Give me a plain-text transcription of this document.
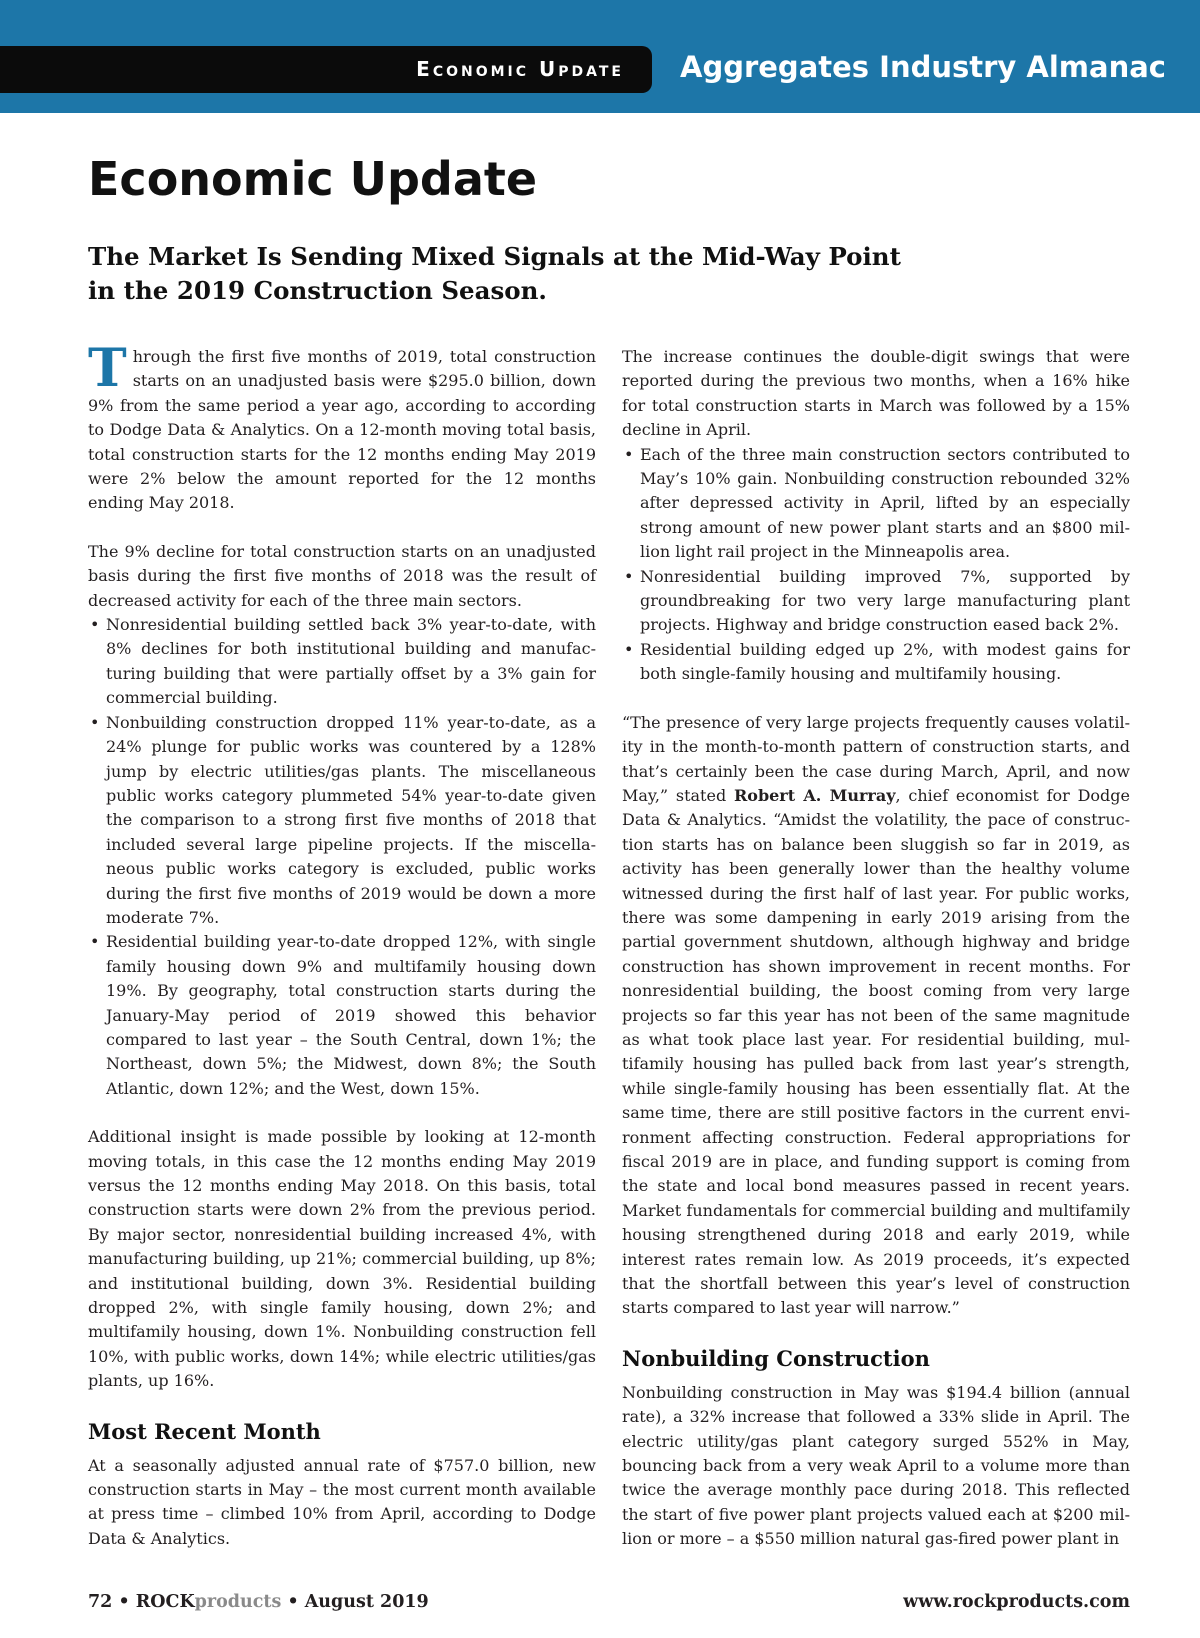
Economic Update Aggregates Industry Almanac
Economic Update
The Market Is Sending Mixed Signals at the Mid-Way Point in the 2019 Construction Season.

Through the first five months of 2019, total construction starts on an unadjusted basis were $295.0 billion, down 9% from the same period a year ago, according to according to Dodge Data & Analytics. On a 12-month moving total basis, total construction starts for the 12 months ending May 2019 were 2% below the amount reported for the 12 months ending May 2018.

The 9% decline for total construction starts on an unadjusted basis during the first five months of 2018 was the result of decreased activity for each of the three main sectors.

• Nonresidential building settled back 3% year-to-date, with 8% declines for both institutional building and manufacturing building that were partially offset by a 3% gain for commercial building.
• Nonbuilding construction dropped 11% year-to-date, as a 24% plunge for public works was countered by a 128% jump by electric utilities/gas plants. The miscellaneous public works category plummeted 54% year-to-date given the comparison to a strong first five months of 2018 that included several large pipeline projects. If the miscellaneous public works category is excluded, public works during the first five months of 2019 would be down a more moderate 7%.
• Residential building year-to-date dropped 12%, with single family housing down 9% and multifamily housing down 19%. By geography, total construction starts during the January-May period of 2019 showed this behavior compared to last year – the South Central, down 1%; the Northeast, down 5%; the Midwest, down 8%; the South Atlantic, down 12%; and the West, down 15%.

Additional insight is made possible by looking at 12-month moving totals, in this case the 12 months ending May 2019 versus the 12 months ending May 2018. On this basis, total construction starts were down 2% from the previous period. By major sector, nonresidential building increased 4%, with manufacturing building, up 21%; commercial building, up 8%; and institutional building, down 3%. Residential building dropped 2%, with single family housing, down 2%; and multifamily housing, down 1%. Nonbuilding construction fell 10%, with public works, down 14%; while electric utilities/gas plants, up 16%.

Most Recent Month

At a seasonally adjusted annual rate of $757.0 billion, new construction starts in May – the most current month available at press time – climbed 10% from April, according to Dodge Data & Analytics.

The increase continues the double-digit swings that were reported during the previous two months, when a 16% hike for total construction starts in March was followed by a 15% decline in April.

• Each of the three main construction sectors contributed to May’s 10% gain. Nonbuilding construction rebounded 32% after depressed activity in April, lifted by an especially strong amount of new power plant starts and an $800 million light rail project in the Minneapolis area.
• Nonresidential building improved 7%, supported by groundbreaking for two very large manufacturing plant projects. Highway and bridge construction eased back 2%.
• Residential building edged up 2%, with modest gains for both single-family housing and multifamily housing.

“The presence of very large projects frequently causes volatility in the month-to-month pattern of construction starts, and that’s certainly been the case during March, April, and now May,” stated Robert A. Murray, chief economist for Dodge Data & Analytics. “Amidst the volatility, the pace of construction starts has on balance been sluggish so far in 2019, as activity has been generally lower than the healthy volume witnessed during the first half of last year. For public works, there was some dampening in early 2019 arising from the partial government shutdown, although highway and bridge construction has shown improvement in recent months. For nonresidential building, the boost coming from very large projects so far this year has not been of the same magnitude as what took place last year. For residential building, multifamily housing has pulled back from last year’s strength, while single-family housing has been essentially flat. At the same time, there are still positive factors in the current environment affecting construction. Federal appropriations for fiscal 2019 are in place, and funding support is coming from the state and local bond measures passed in recent years. Market fundamentals for commercial building and multifamily housing strengthened during 2018 and early 2019, while interest rates remain low. As 2019 proceeds, it’s expected that the shortfall between this year’s level of construction starts compared to last year will narrow.”

Nonbuilding Construction

Nonbuilding construction in May was $194.4 billion (annual rate), a 32% increase that followed a 33% slide in April. The electric utility/gas plant category surged 552% in May, bouncing back from a very weak April to a volume more than twice the average monthly pace during 2018. This reflected the start of five power plant projects valued each at $200 million or more – a $550 million natural gas-fired power plant in

72 • ROCKproducts • August 2019	www.rockproducts.com
